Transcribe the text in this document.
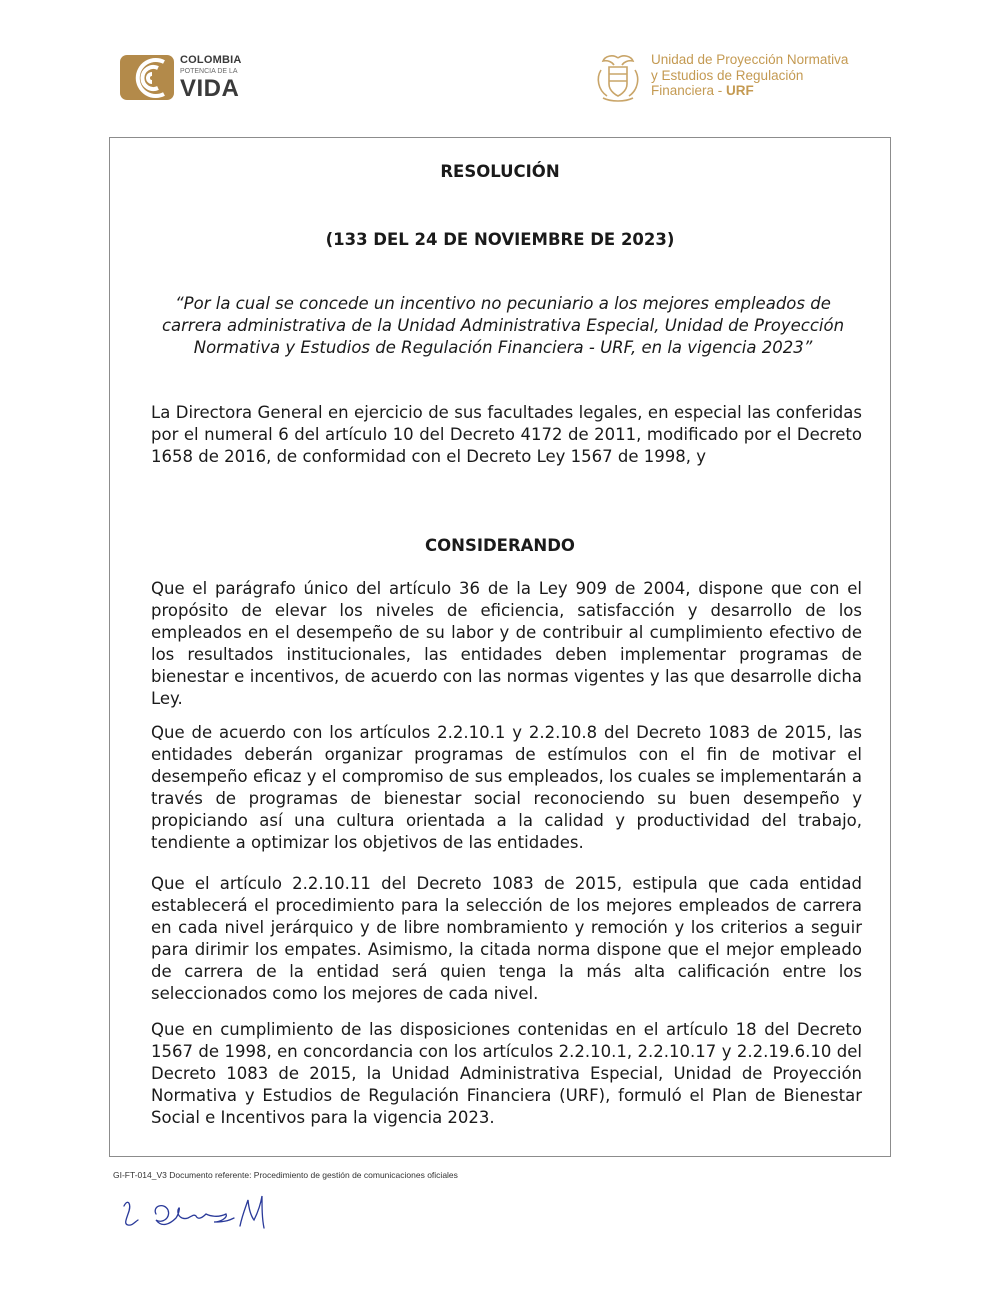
COLOMBIA
POTENCIA DE LA
VIDA
Unidad de Proyección Normativa
y Estudios de Regulación
Financiera - URF
RESOLUCIÓN
(133 DEL 24 DE NOVIEMBRE DE 2023)
“Por la cual se concede un incentivo no pecuniario a los mejores empleados de carrera administrativa de la Unidad Administrativa Especial, Unidad de Proyección Normativa y Estudios de Regulación Financiera - URF, en la vigencia 2023”
La Directora General en ejercicio de sus facultades legales, en especial las conferidas por el numeral 6 del artículo 10 del Decreto 4172 de 2011, modificado por el Decreto 1658 de 2016, de conformidad con el Decreto Ley 1567 de 1998, y
CONSIDERANDO
Que el parágrafo único del artículo 36 de la Ley 909 de 2004, dispone que con el propósito de elevar los niveles de eficiencia, satisfacción y desarrollo de los empleados en el desempeño de su labor y de contribuir al cumplimiento efectivo de los resultados institucionales, las entidades deben implementar programas de bienestar e incentivos, de acuerdo con las normas vigentes y las que desarrolle dicha Ley.
Que de acuerdo con los artículos 2.2.10.1 y 2.2.10.8 del Decreto 1083 de 2015, las entidades deberán organizar programas de estímulos con el fin de motivar el desempeño eficaz y el compromiso de sus empleados, los cuales se implementarán a través de programas de bienestar social reconociendo su buen desempeño y propiciando así una cultura orientada a la calidad y productividad del trabajo, tendiente a optimizar los objetivos de las entidades.
Que el artículo 2.2.10.11 del Decreto 1083 de 2015, estipula que cada entidad establecerá el procedimiento para la selección de los mejores empleados de carrera en cada nivel jerárquico y de libre nombramiento y remoción y los criterios a seguir para dirimir los empates. Asimismo, la citada norma dispone que el mejor empleado de carrera de la entidad será quien tenga la más alta calificación entre los seleccionados como los mejores de cada nivel.
Que en cumplimiento de las disposiciones contenidas en el artículo 18 del Decreto 1567 de 1998, en concordancia con los artículos 2.2.10.1, 2.2.10.17 y 2.2.19.6.10 del Decreto 1083 de 2015, la Unidad Administrativa Especial, Unidad de Proyección Normativa y Estudios de Regulación Financiera (URF), formuló el Plan de Bienestar Social e Incentivos para la vigencia 2023.
GI-FT-014_V3 Documento referente: Procedimiento de gestión de comunicaciones oficiales
